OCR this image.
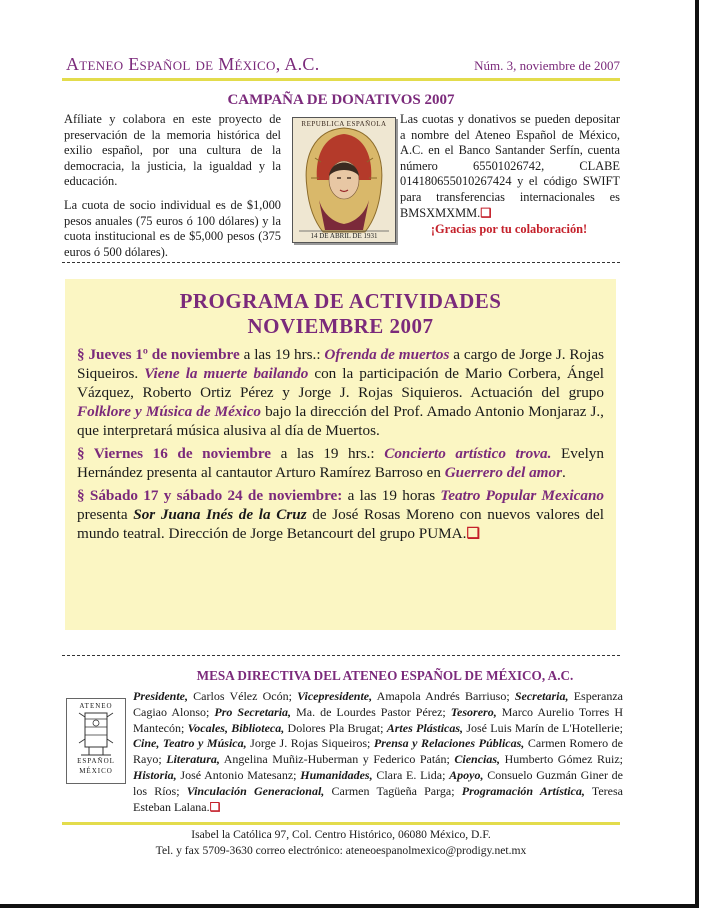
Ateneo Español de México, A.C.	Núm. 3, noviembre de 2007
CAMPAÑA DE DONATIVOS 2007

Afíliate y colabora en este proyecto de preservación de la memoria histórica del exilio español, por una cultura de la democracia, la justicia, la igualdad y la educación.

La cuota de socio individual es de $1,000 pesos anuales (75 euros ó 100 dólares) y la cuota institucional es de $5,000 pesos (375 euros ó 500 dólares).

REPUBLICA ESPAÑOLA
14 DE ABRIL DE 1931

Las cuotas y donativos se pueden depositar a nombre del Ateneo Español de México, A.C. en el Banco Santander Serfín, cuenta número 65501026742, CLABE 014180655010267424 y el código SWIFT para transferencias internacionales es BMSXMXMM.❏

¡Gracias por tu colaboración!
PROGRAMA DE ACTIVIDADES
NOVIEMBRE 2007

§ Jueves 1º de noviembre a las 19 hrs.: Ofrenda de muertos a cargo de Jorge J. Rojas Siqueiros. Viene la muerte bailando con la participación de Mario Corbera, Ángel Vázquez, Roberto Ortiz Pérez y Jorge J. Rojas Siquieros. Actuación del grupo Folklore y Música de México bajo la dirección del Prof. Amado Antonio Monjaraz J., que interpretará música alusiva al día de Muertos.

§ Viernes 16 de noviembre a las 19 hrs.: Concierto artístico trova. Evelyn Hernández presenta al cantautor Arturo Ramírez Barroso en Guerrero del amor.

§ Sábado 17 y sábado 24 de noviembre: a las 19 horas Teatro Popular Mexicano presenta Sor Juana Inés de la Cruz de José Rosas Moreno con nuevos valores del mundo teatral. Dirección de Jorge Betancourt del grupo PUMA.❏

MESA DIRECTIVA DEL ATENEO ESPAÑOL DE MÉXICO, A.C.
ATENEO
ESPAÑOL
MÉXICO
Presidente, Carlos Vélez Ocón; Vicepresidente, Amapola Andrés Barriuso; Secretaria, Esperanza Cagiao Alonso; Pro Secretaria, Ma. de Lourdes Pastor Pérez; Tesorero, Marco Aurelio Torres H Mantecón; Vocales, Biblioteca, Dolores Pla Brugat; Artes Plásticas, José Luis Marín de L'Hotellerie; Cine, Teatro y Música, Jorge J. Rojas Siqueiros; Prensa y Relaciones Públicas, Carmen Romero de Rayo; Literatura, Angelina Muñiz-Huberman y Federico Patán; Ciencias, Humberto Gómez Ruiz; Historia, José Antonio Matesanz; Humanidades, Clara E. Lida; Apoyo, Consuelo Guzmán Giner de los Ríos; Vinculación Generacional, Carmen Tagüeña Parga; Programación Artística, Teresa Esteban Lalana.❏
Isabel la Católica 97, Col. Centro Histórico, 06080 México, D.F.
Tel. y fax 5709-3630 correo electrónico: ateneoespanolmexico@prodigy.net.mx
